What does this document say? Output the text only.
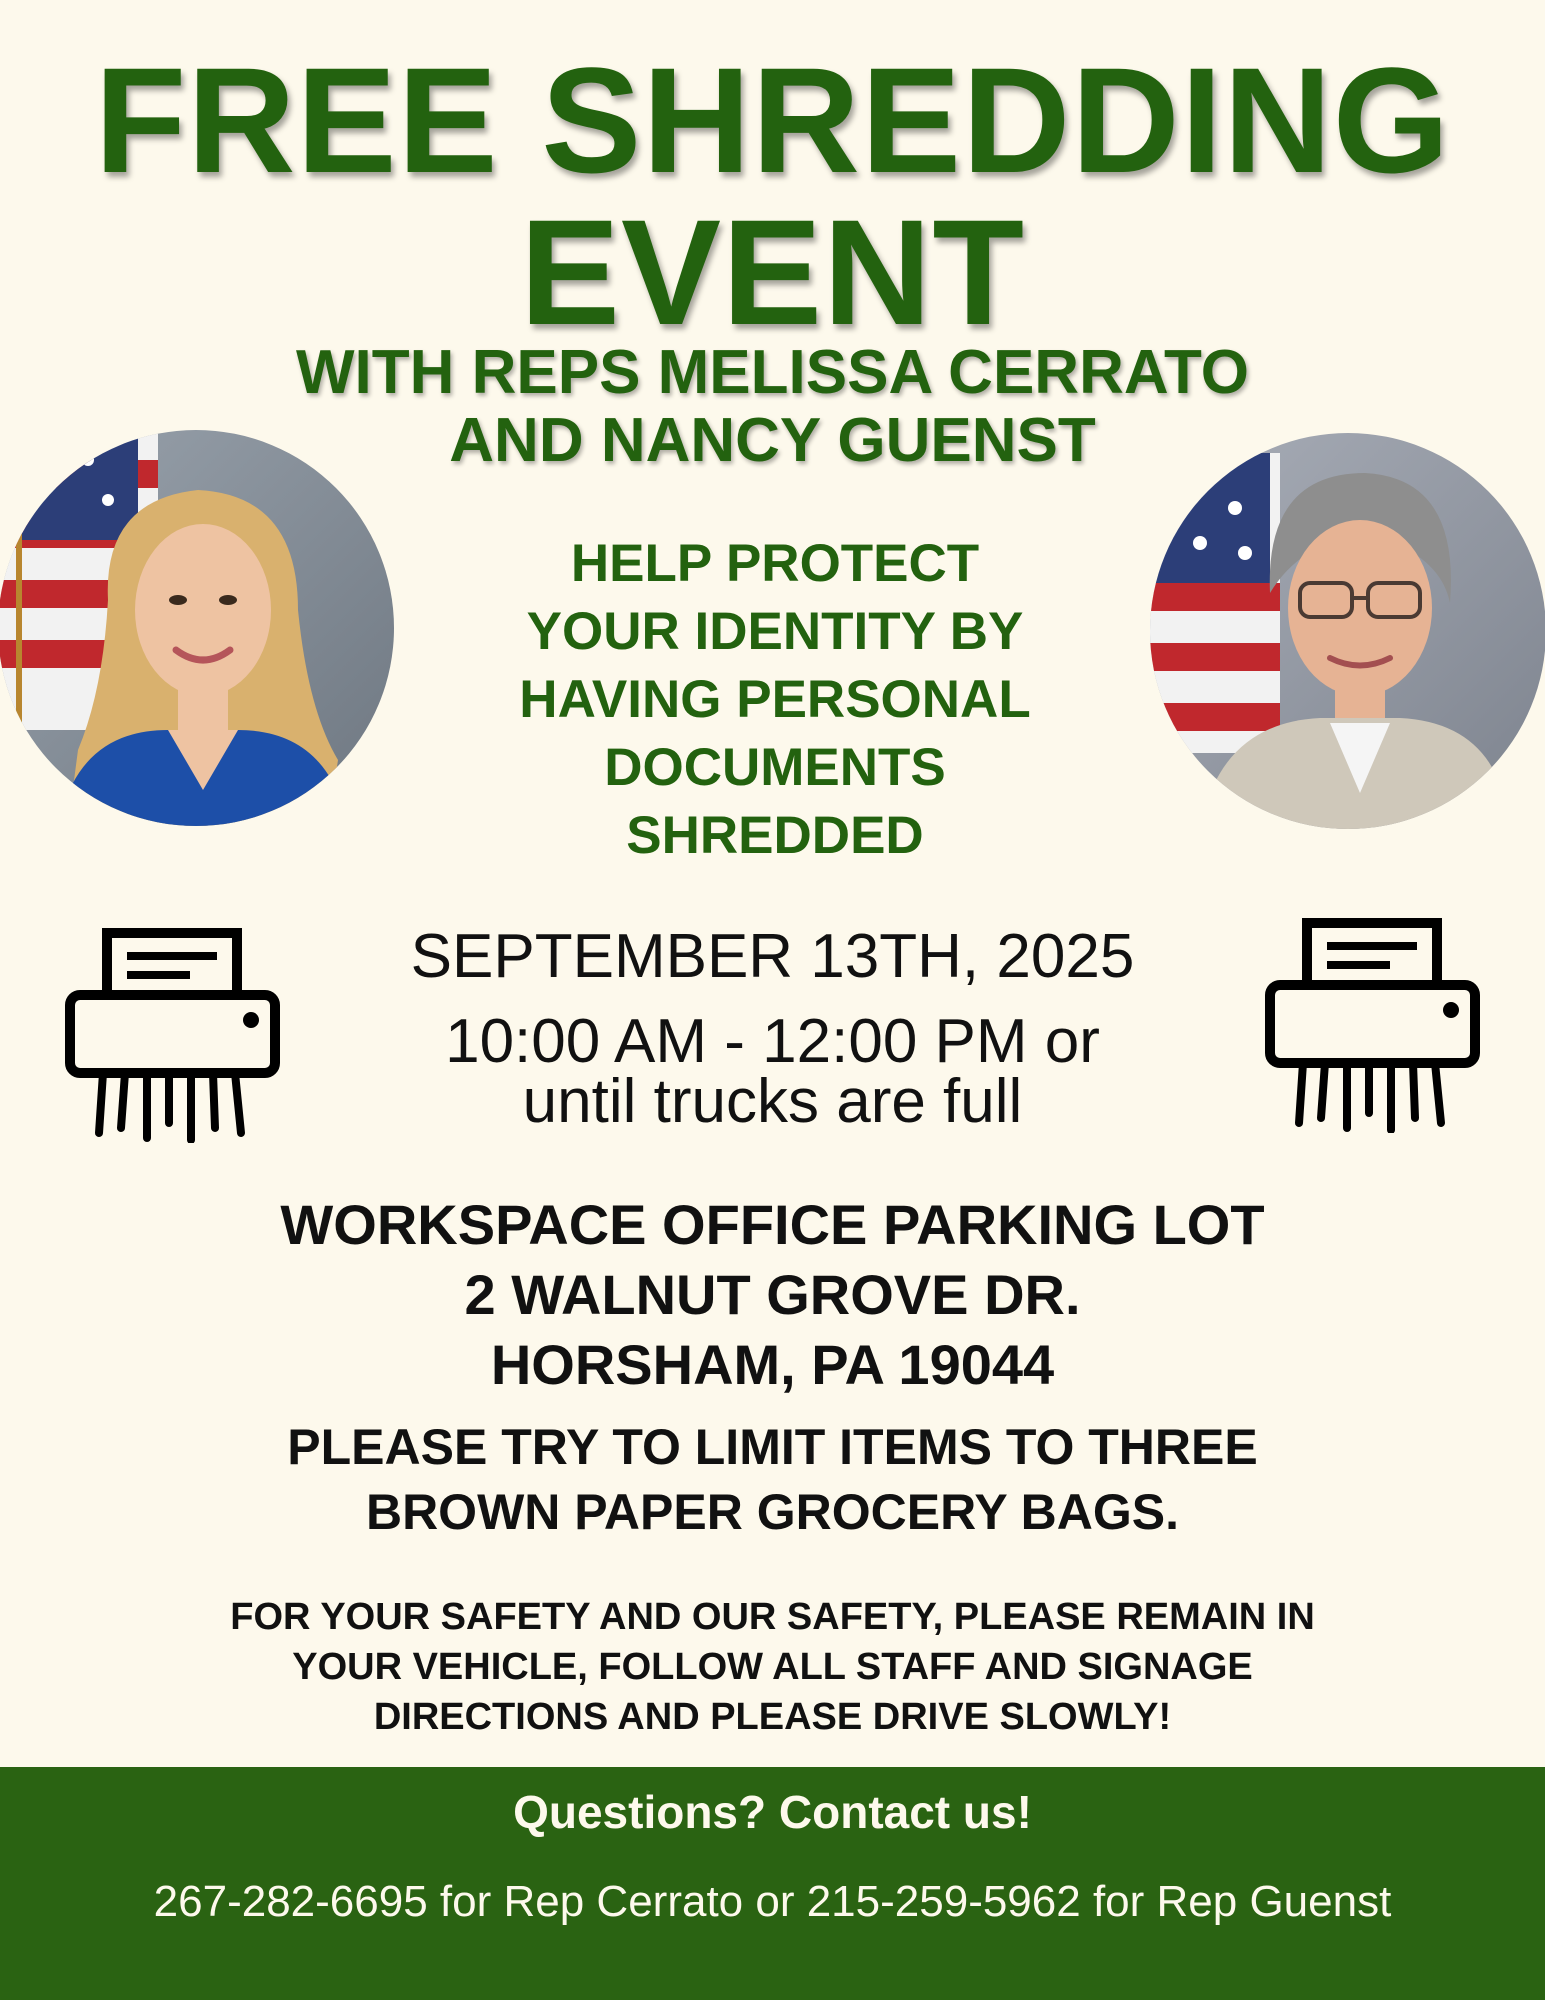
FREE SHREDDING
EVENT
WITH REPS MELISSA CERRATO
AND NANCY GUENST
HELP PROTECT
YOUR IDENTITY BY
HAVING PERSONAL
DOCUMENTS
SHREDDED
SEPTEMBER 13TH, 2025
10:00 AM - 12:00 PM or
until trucks are full
WORKSPACE OFFICE PARKING LOT
2 WALNUT GROVE DR.
HORSHAM, PA 19044
PLEASE TRY TO LIMIT ITEMS TO THREE
BROWN PAPER GROCERY BAGS.
FOR YOUR SAFETY AND OUR SAFETY, PLEASE REMAIN IN
YOUR VEHICLE, FOLLOW ALL STAFF AND SIGNAGE
DIRECTIONS AND PLEASE DRIVE SLOWLY!
Questions? Contact us!
267-282-6695 for Rep Cerrato or 215-259-5962 for Rep Guenst
